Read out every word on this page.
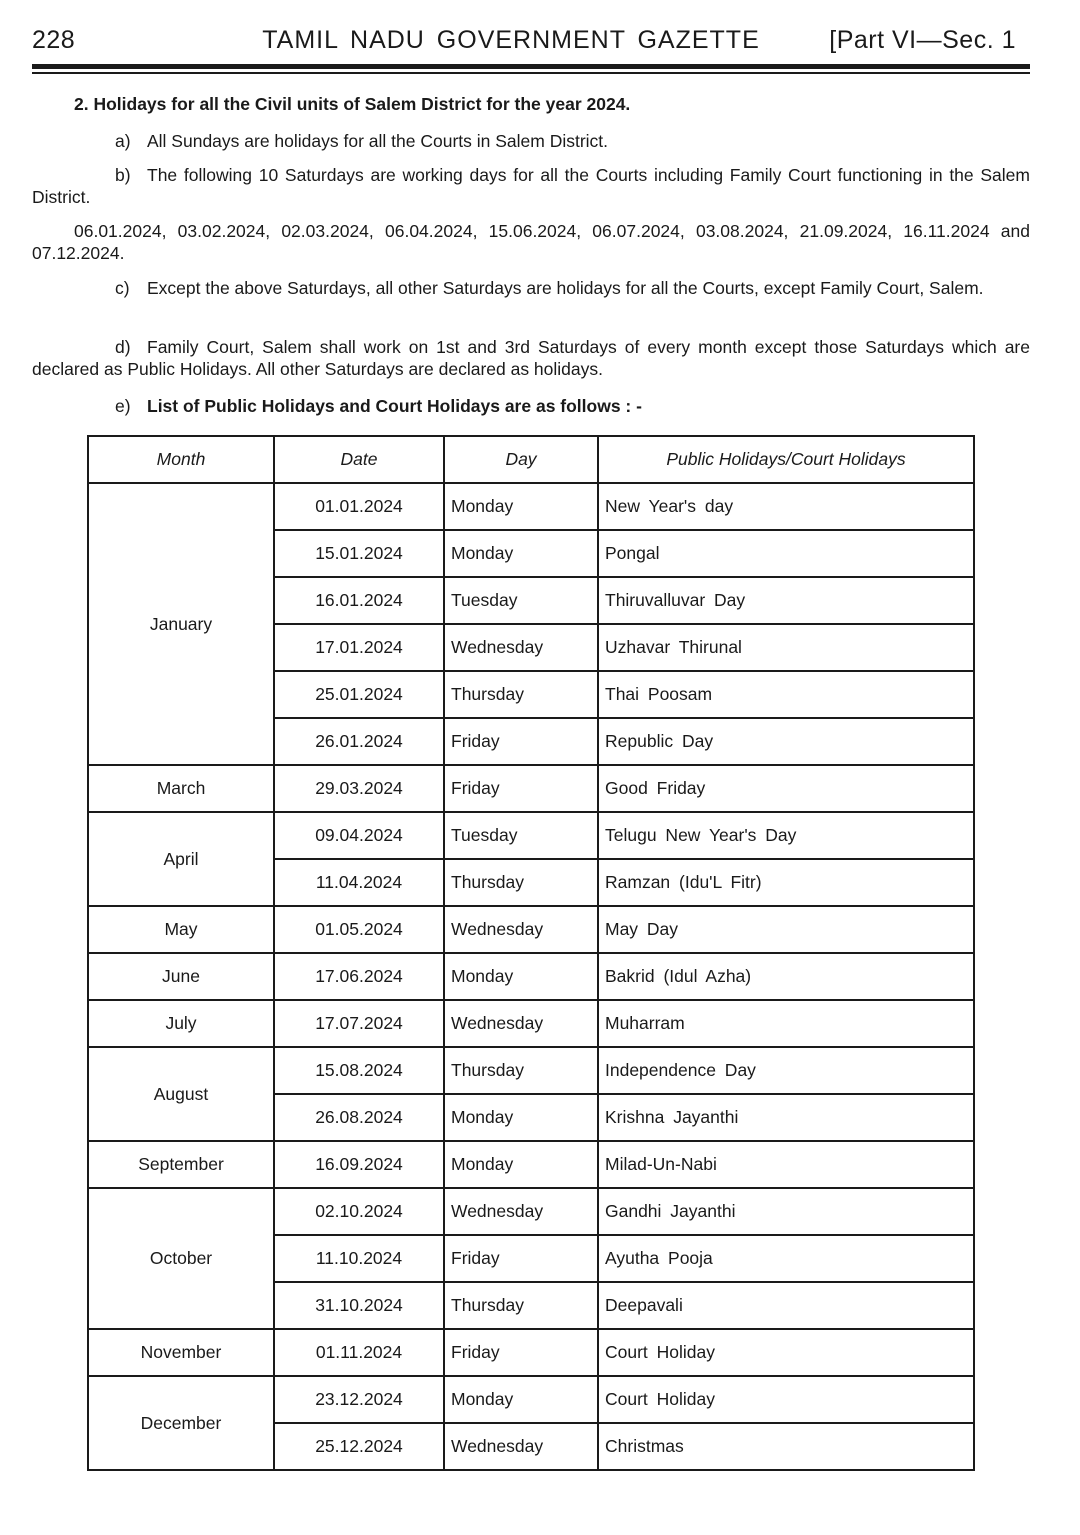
228	TAMIL NADU GOVERNMENT GAZETTE	[Part VI—Sec. 1
2. Holidays for all the Civil units of Salem District for the year 2024.
a) All Sundays are holidays for all the Courts in Salem District.
b) The following 10 Saturdays are working days for all the Courts including Family Court functioning in the Salem District.
06.01.2024, 03.02.2024, 02.03.2024, 06.04.2024, 15.06.2024, 06.07.2024, 03.08.2024, 21.09.2024, 16.11.2024 and 07.12.2024.
c) Except the above Saturdays, all other Saturdays are holidays for all the Courts, except Family Court, Salem.
d) Family Court, Salem shall work on 1st and 3rd Saturdays of every month except those Saturdays which are declared as Public Holidays. All other Saturdays are declared as holidays.
e) List of Public Holidays and Court Holidays are as follows : -
Month	Date	Day	Public Holidays/Court Holidays
January	01.01.2024	Monday	New Year's day
	15.01.2024	Monday	Pongal
	16.01.2024	Tuesday	Thiruvalluvar Day
	17.01.2024	Wednesday	Uzhavar Thirunal
	25.01.2024	Thursday	Thai Poosam
	26.01.2024	Friday	Republic Day
March	29.03.2024	Friday	Good Friday
April	09.04.2024	Tuesday	Telugu New Year's Day
	11.04.2024	Thursday	Ramzan (Idu'L Fitr)
May	01.05.2024	Wednesday	May Day
June	17.06.2024	Monday	Bakrid (Idul Azha)
July	17.07.2024	Wednesday	Muharram
August	15.08.2024	Thursday	Independence Day
	26.08.2024	Monday	Krishna Jayanthi
September	16.09.2024	Monday	Milad-Un-Nabi
October	02.10.2024	Wednesday	Gandhi Jayanthi
	11.10.2024	Friday	Ayutha Pooja
	31.10.2024	Thursday	Deepavali
November	01.11.2024	Friday	Court Holiday
December	23.12.2024	Monday	Court Holiday
	25.12.2024	Wednesday	Christmas
